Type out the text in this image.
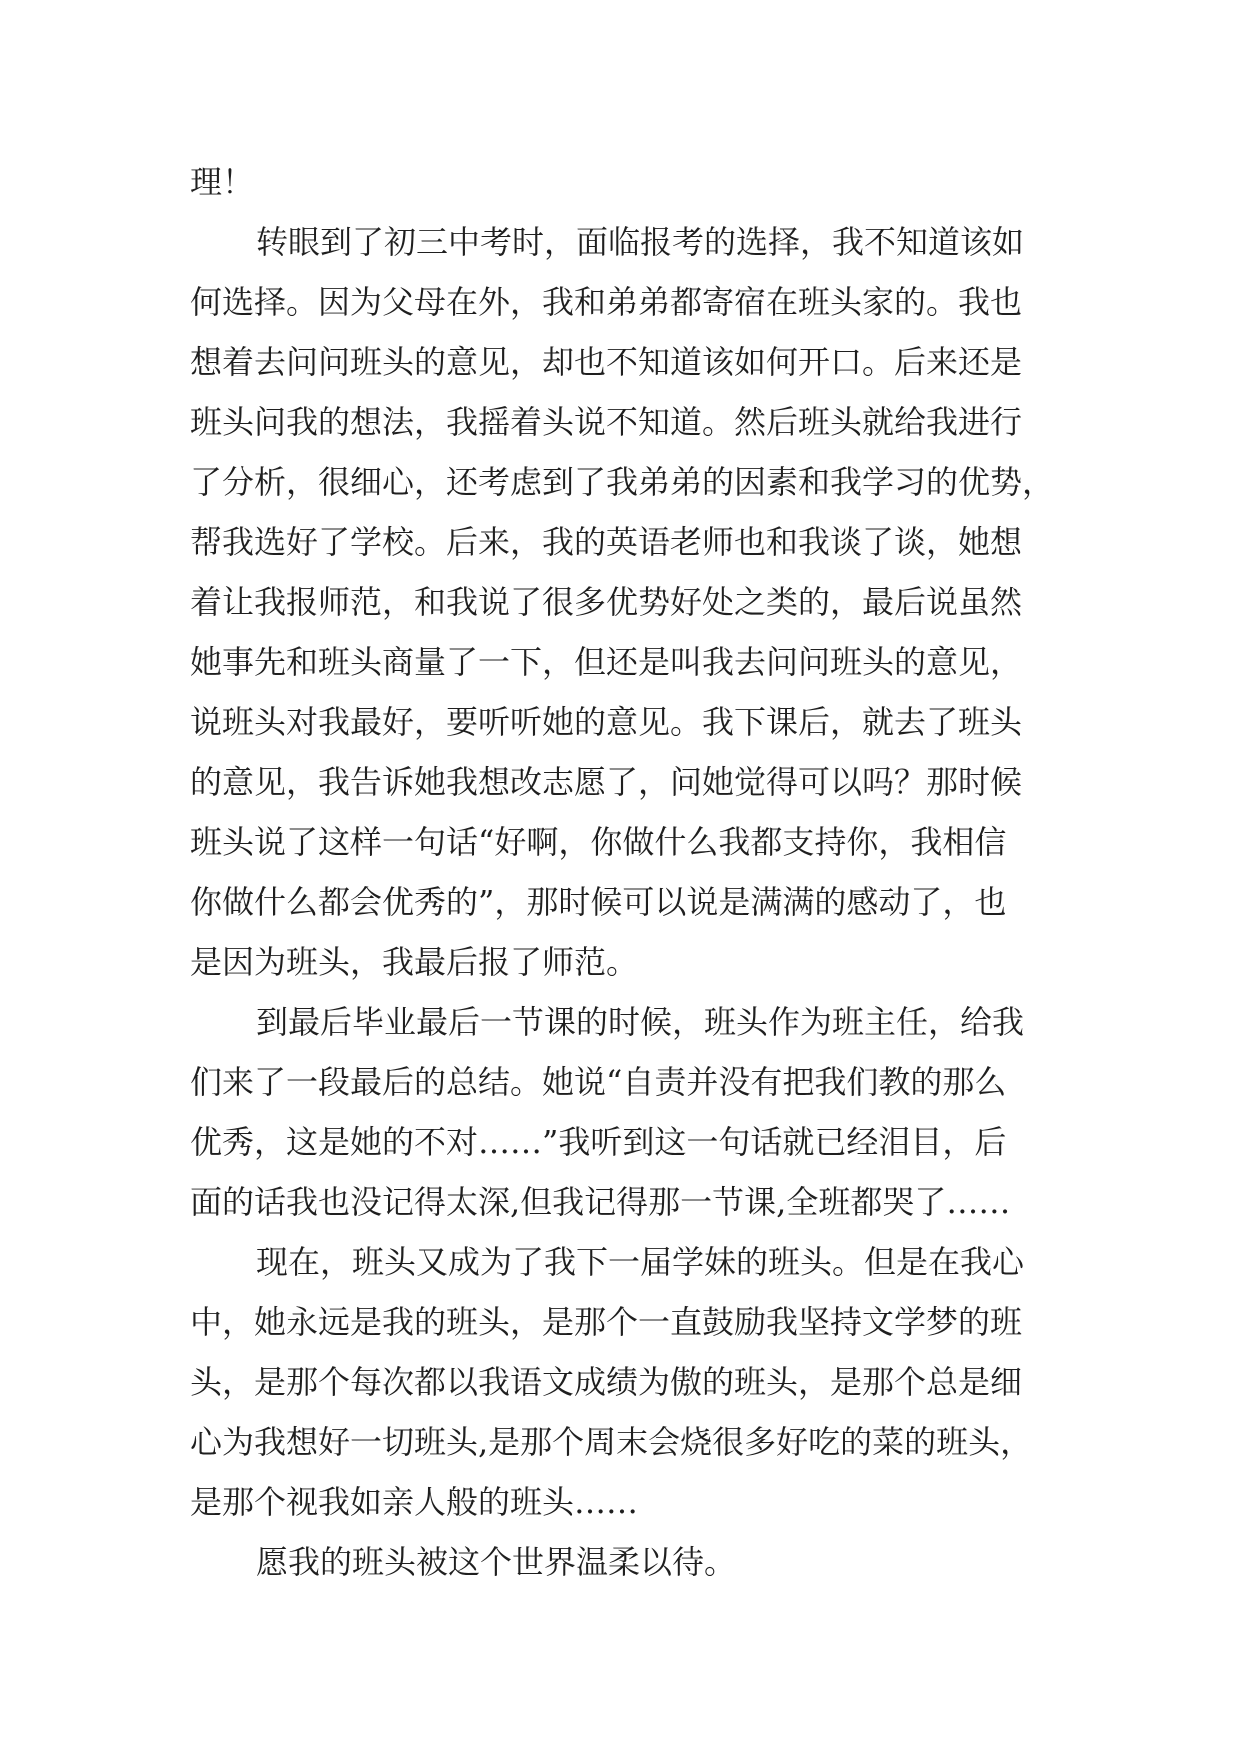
理！
转眼到了初三中考时，面临报考的选择，我不知道该如
何选择。因为父母在外，我和弟弟都寄宿在班头家的。我也
想着去问问班头的意见，却也不知道该如何开口。后来还是
班头问我的想法，我摇着头说不知道。然后班头就给我进行
了分析，很细心，还考虑到了我弟弟的因素和我学习的优势，
帮我选好了学校。后来，我的英语老师也和我谈了谈，她想
着让我报师范，和我说了很多优势好处之类的，最后说虽然
她事先和班头商量了一下，但还是叫我去问问班头的意见，
说班头对我最好，要听听她的意见。我下课后，就去了班头
的意见，我告诉她我想改志愿了，问她觉得可以吗？那时候
班头说了这样一句话“好啊，你做什么我都支持你，我相信
你做什么都会优秀的”，那时候可以说是满满的感动了，也
是因为班头，我最后报了师范。
到最后毕业最后一节课的时候，班头作为班主任，给我
们来了一段最后的总结。她说“自责并没有把我们教的那么
优秀，这是她的不对……”我听到这一句话就已经泪目，后
面的话我也没记得太深,但我记得那一节课,全班都哭了……
现在，班头又成为了我下一届学妹的班头。但是在我心
中，她永远是我的班头，是那个一直鼓励我坚持文学梦的班
头，是那个每次都以我语文成绩为傲的班头，是那个总是细
心为我想好一切班头,是那个周末会烧很多好吃的菜的班头，
是那个视我如亲人般的班头……
愿我的班头被这个世界温柔以待。
